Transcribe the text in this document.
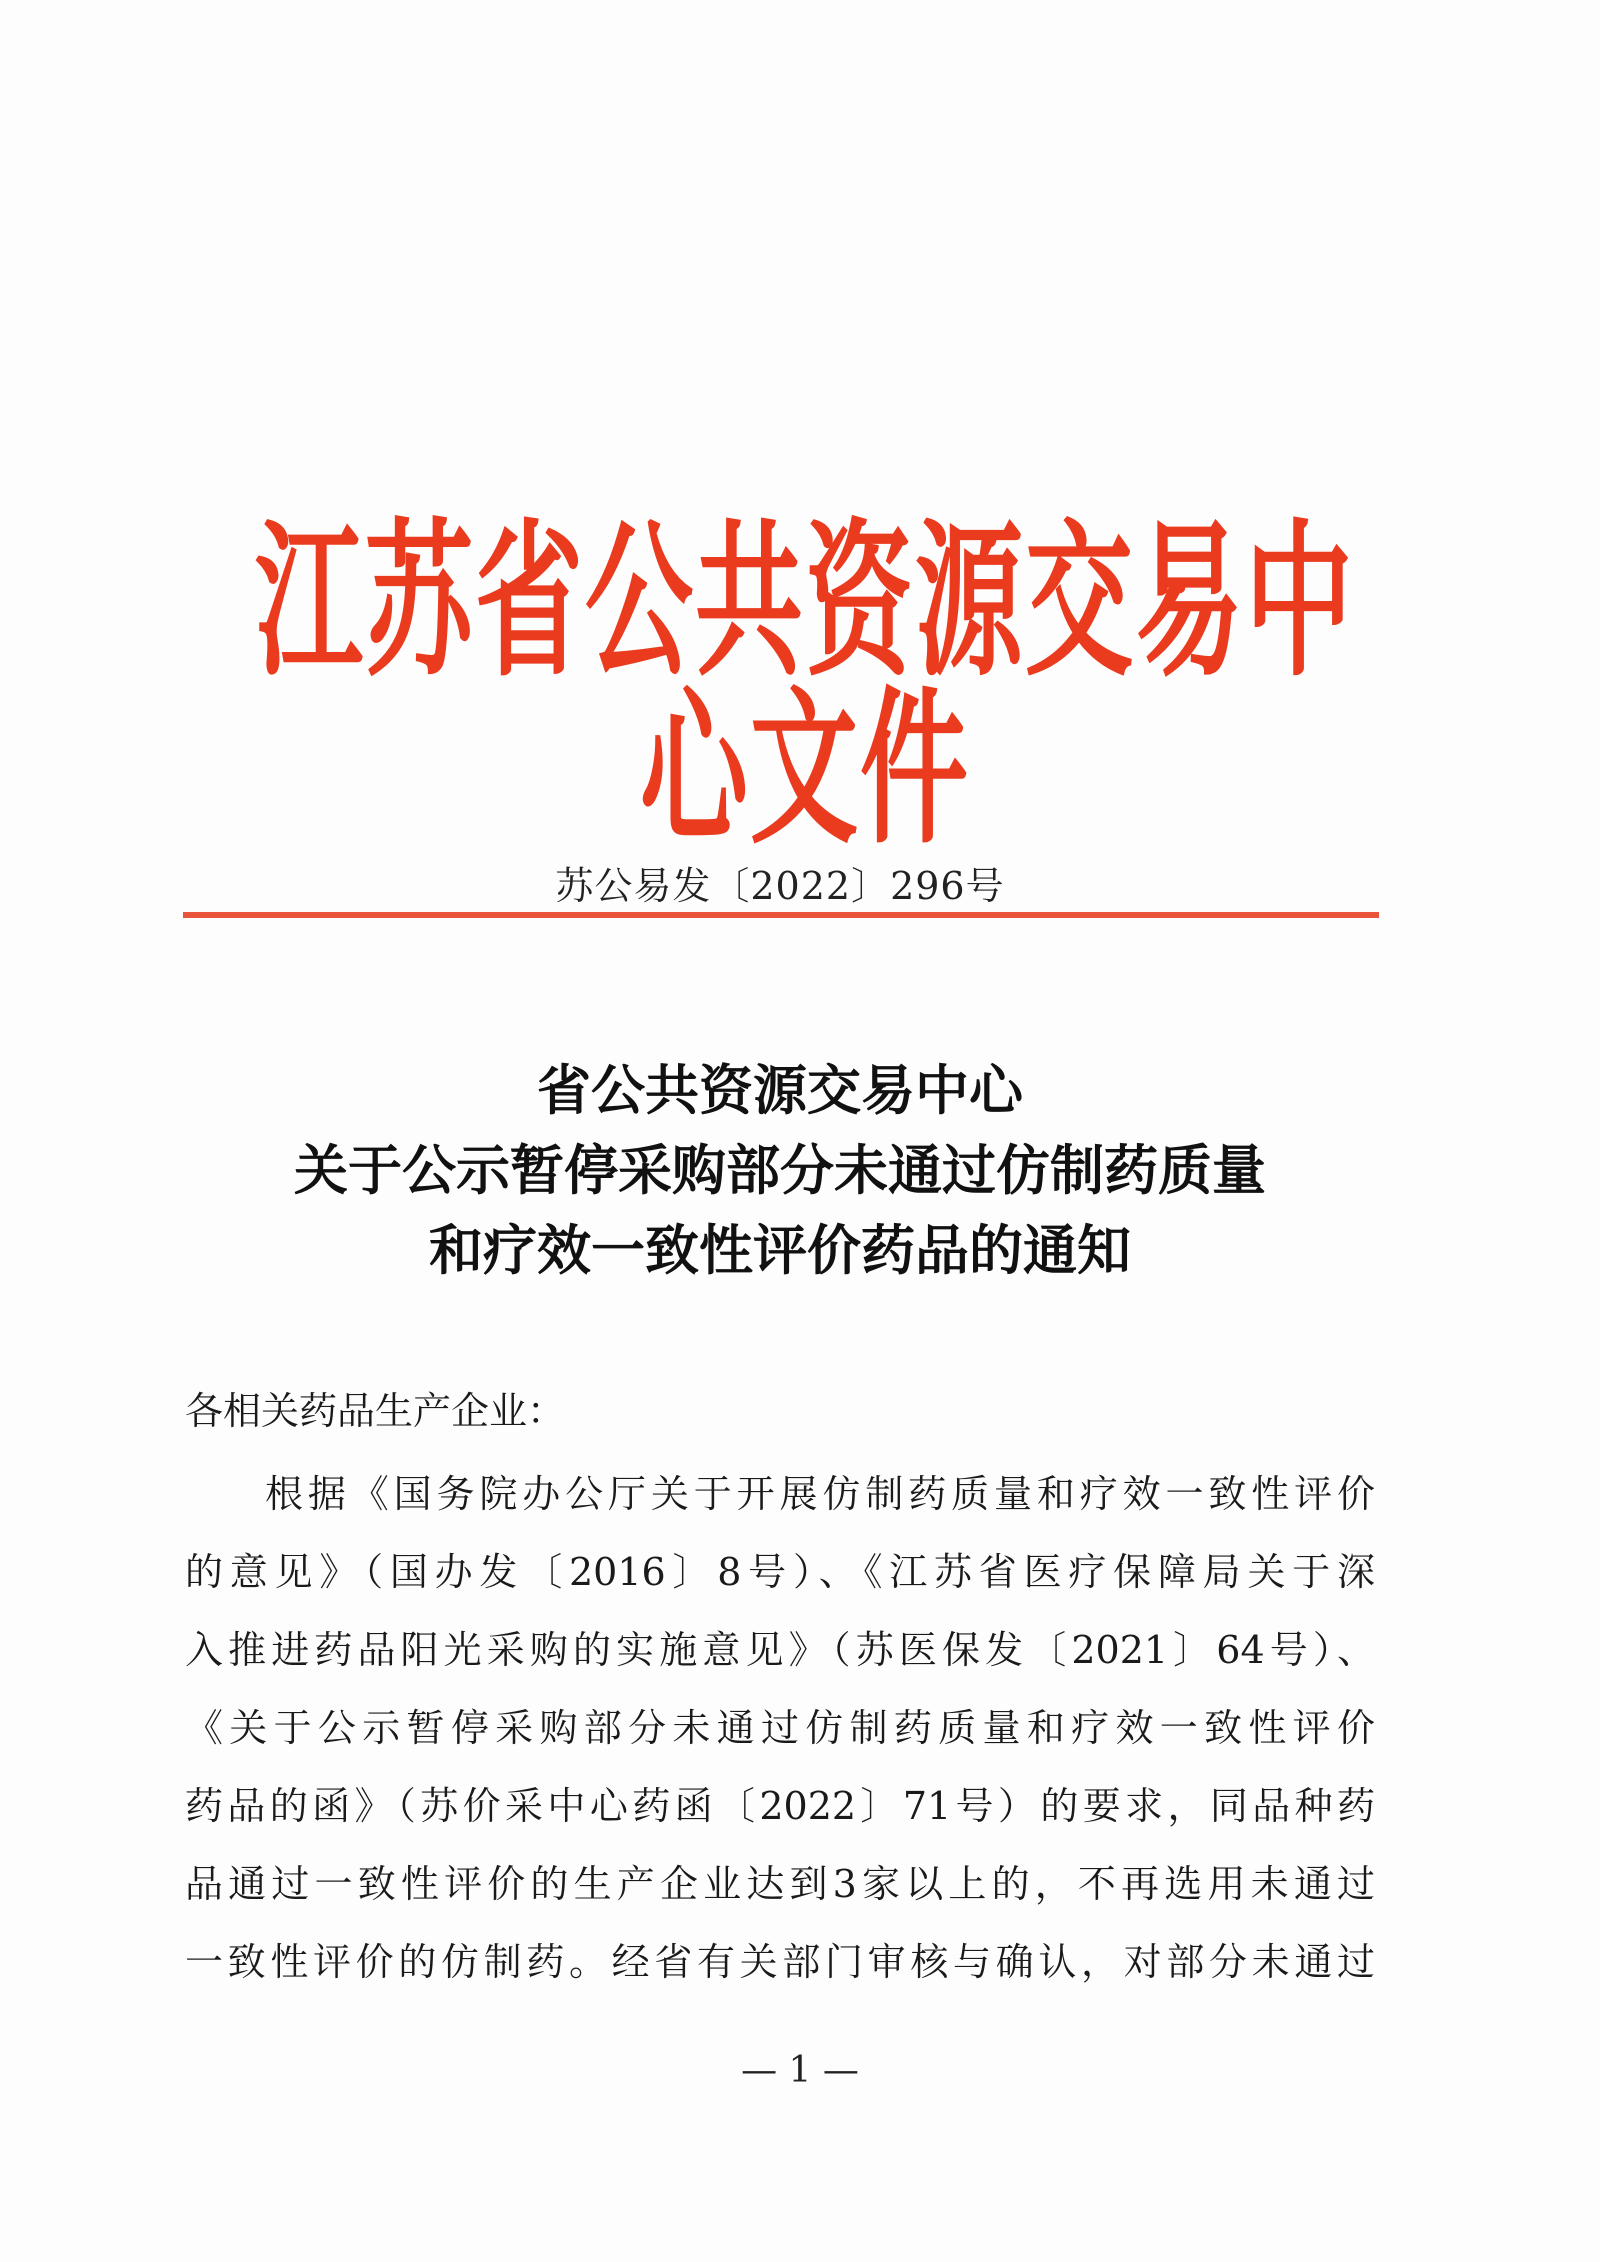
江苏省公共资源交易中心文件
苏公易发〔2022〕296号
省公共资源交易中心
关于公示暂停采购部分未通过仿制药质量
和疗效一致性评价药品的通知
各相关药品生产企业：
根据《国务院办公厅关于开展仿制药质量和疗效一致性评价
的意见》（国办发〔2016〕8号）、《江苏省医疗保障局关于深
入推进药品阳光采购的实施意见》（苏医保发〔2021〕64号）、
《关于公示暂停采购部分未通过仿制药质量和疗效一致性评价
药品的函》（苏价采中心药函〔2022〕71号）的要求，同品种药
品通过一致性评价的生产企业达到3家以上的，不再选用未通过
一致性评价的仿制药。经省有关部门审核与确认，对部分未通过
— 1 —
